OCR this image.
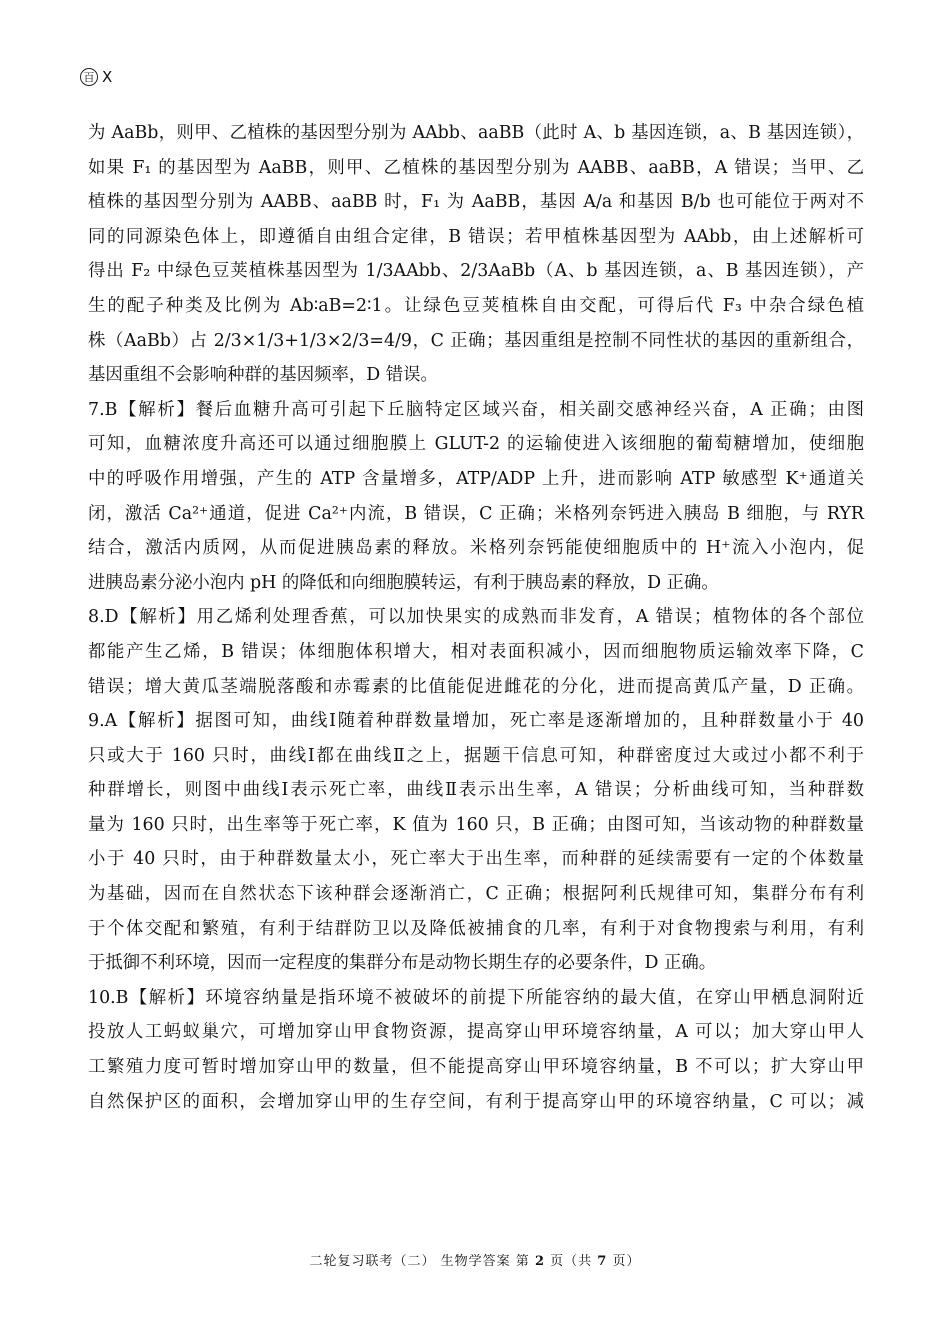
百 X
为 AaBb，则甲、乙植株的基因型分别为 AAbb、aaBB（此时 A、b 基因连锁，a、B 基因连锁），
如果 F₁ 的基因型为 AaBB，则甲、乙植株的基因型分别为 AABB、aaBB，A 错误；当甲、乙
植株的基因型分别为 AABB、aaBB 时，F₁ 为 AaBB，基因 A/a 和基因 B/b 也可能位于两对不
同的同源染色体上，即遵循自由组合定律，B 错误；若甲植株基因型为 AAbb，由上述解析可
得出 F₂ 中绿色豆荚植株基因型为 1/3AAbb、2/3AaBb（A、b 基因连锁，a、B 基因连锁），产
生的配子种类及比例为 Ab∶aB=2∶1。让绿色豆荚植株自由交配，可得后代 F₃ 中杂合绿色植
株（AaBb）占 2/3×1/3+1/3×2/3=4/9，C 正确；基因重组是控制不同性状的基因的重新组合，
基因重组不会影响种群的基因频率，D 错误。
7.B【解析】餐后血糖升高可引起下丘脑特定区域兴奋，相关副交感神经兴奋，A 正确；由图
可知，血糖浓度升高还可以通过细胞膜上 GLUT-2 的运输使进入该细胞的葡萄糖增加，使细胞
中的呼吸作用增强，产生的 ATP 含量增多，ATP/ADP 上升，进而影响 ATP 敏感型 K⁺通道关
闭，激活 Ca²⁺通道，促进 Ca²⁺内流，B 错误，C 正确；米格列奈钙进入胰岛 B 细胞，与 RYR
结合，激活内质网，从而促进胰岛素的释放。米格列奈钙能使细胞质中的 H⁺流入小泡内，促
进胰岛素分泌小泡内 pH 的降低和向细胞膜转运，有利于胰岛素的释放，D 正确。
8.D【解析】用乙烯利处理香蕉，可以加快果实的成熟而非发育，A 错误；植物体的各个部位
都能产生乙烯，B 错误；体细胞体积增大，相对表面积减小，因而细胞物质运输效率下降，C
错误；增大黄瓜茎端脱落酸和赤霉素的比值能促进雌花的分化，进而提高黄瓜产量，D 正确。
9.A【解析】据图可知，曲线Ⅰ随着种群数量增加，死亡率是逐渐增加的，且种群数量小于 40
只或大于 160 只时，曲线Ⅰ都在曲线Ⅱ之上，据题干信息可知，种群密度过大或过小都不利于
种群增长，则图中曲线Ⅰ表示死亡率，曲线Ⅱ表示出生率，A 错误；分析曲线可知，当种群数
量为 160 只时，出生率等于死亡率，K 值为 160 只，B 正确；由图可知，当该动物的种群数量
小于 40 只时，由于种群数量太小，死亡率大于出生率，而种群的延续需要有一定的个体数量
为基础，因而在自然状态下该种群会逐渐消亡，C 正确；根据阿利氏规律可知，集群分布有利
于个体交配和繁殖，有利于结群防卫以及降低被捕食的几率，有利于对食物搜索与利用，有利
于抵御不利环境，因而一定程度的集群分布是动物长期生存的必要条件，D 正确。
10.B【解析】环境容纳量是指环境不被破坏的前提下所能容纳的最大值，在穿山甲栖息洞附近
投放人工蚂蚁巢穴，可增加穿山甲食物资源，提高穿山甲环境容纳量，A 可以；加大穿山甲人
工繁殖力度可暂时增加穿山甲的数量，但不能提高穿山甲环境容纳量，B 不可以；扩大穿山甲
自然保护区的面积，会增加穿山甲的生存空间，有利于提高穿山甲的环境容纳量，C 可以；减
二轮复习联考（二） 生物学答案 第 2 页（共 7 页）
